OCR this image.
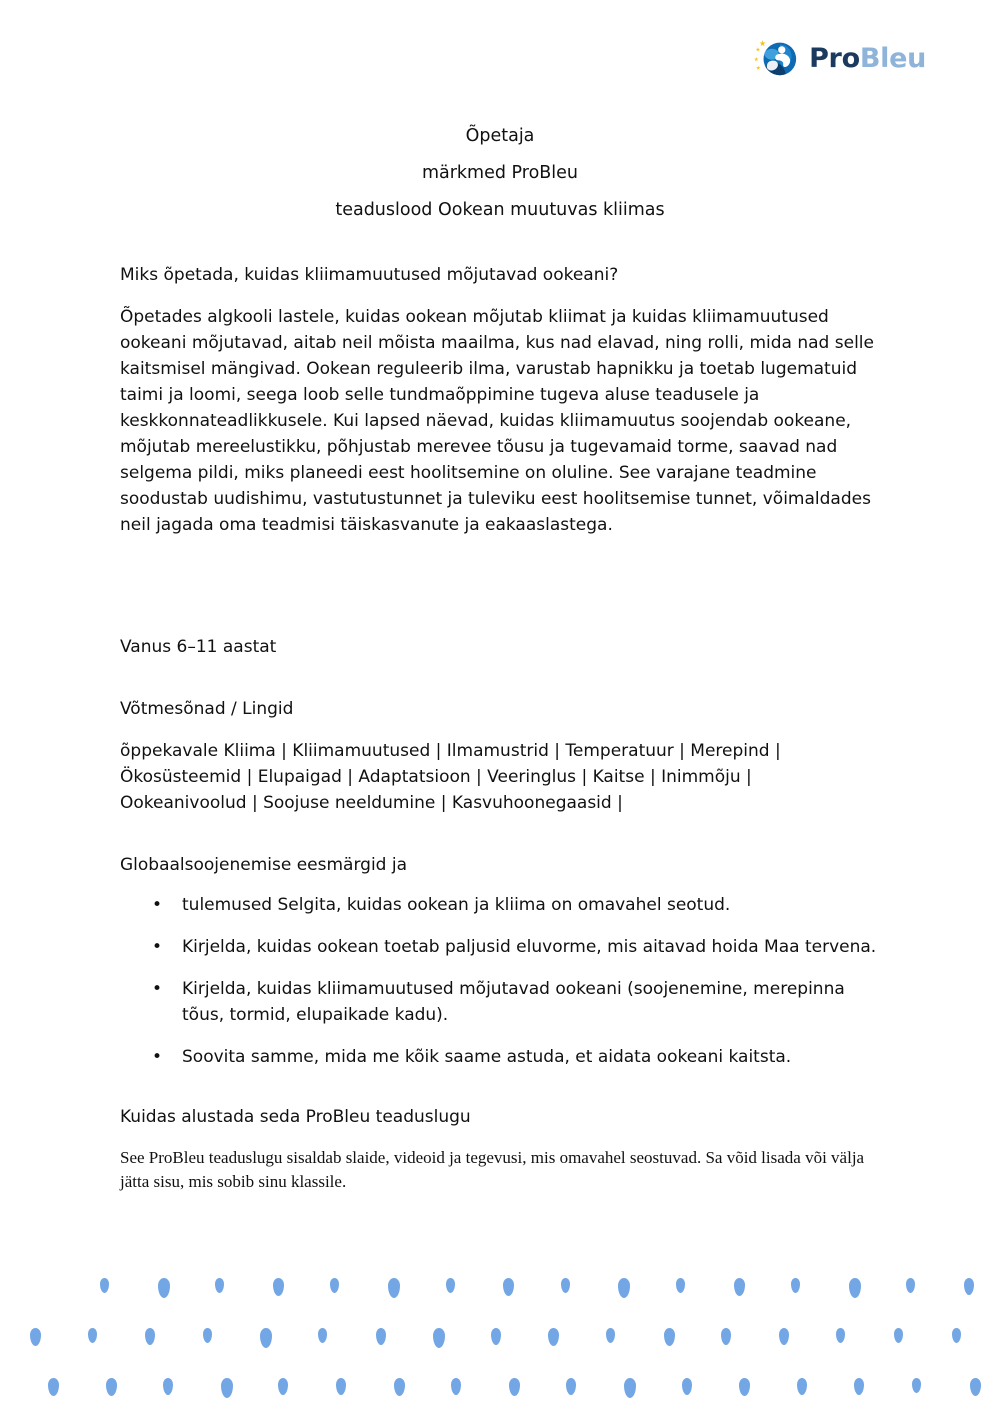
ProBleu
Õpetaja
märkmed ProBleu
teaduslood Ookean muutuvas kliimas
Miks õpetada, kuidas kliimamuutused mõjutavad ookeani?

Õpetades algkooli lastele, kuidas ookean mõjutab kliimat ja kuidas kliimamuutused ookeani mõjutavad, aitab neil mõista maailma, kus nad elavad, ning rolli, mida nad selle kaitsmisel mängivad. Ookean reguleerib ilma, varustab hapnikku ja toetab lugematuid taimi ja loomi, seega loob selle tundmaõppimine tugeva aluse teadusele ja keskkonnateadlikkusele. Kui lapsed näevad, kuidas kliimamuutus soojendab ookeane, mõjutab mereelustikku, põhjustab merevee tõusu ja tugevamaid torme, saavad nad selgema pildi, miks planeedi eest hoolitsemine on oluline. See varajane teadmine soodustab uudishimu, vastutustunnet ja tuleviku eest hoolitsemise tunnet, võimaldades neil jagada oma teadmisi täiskasvanute ja eakaaslastega.

Vanus 6–11 aastat
Võtmesõnad / Lingid

õppekavale Kliima | Kliimamuutused | Ilmamustrid | Temperatuur | Merepind | Ökosüsteemid | Elupaigad | Adaptatsioon | Veeringlus | Kaitse | Inimmõju | Ookeanivoolud | Soojuse neeldumine | Kasvuhoonegaasid |

Globaalsoojenemise eesmärgid ja
• tulemused Selgita, kuidas ookean ja kliima on omavahel seotud.
• Kirjelda, kuidas ookean toetab paljusid eluvorme, mis aitavad hoida Maa tervena.
• Kirjelda, kuidas kliimamuutused mõjutavad ookeani (soojenemine, merepinna tõus, tormid, elupaikade kadu).
• Soovita samme, mida me kõik saame astuda, et aidata ookeani kaitsta.
Kuidas alustada seda ProBleu teaduslugu

See ProBleu teaduslugu sisaldab slaide, videoid ja tegevusi, mis omavahel seostuvad. Sa võid lisada või välja jätta sisu, mis sobib sinu klassile.
